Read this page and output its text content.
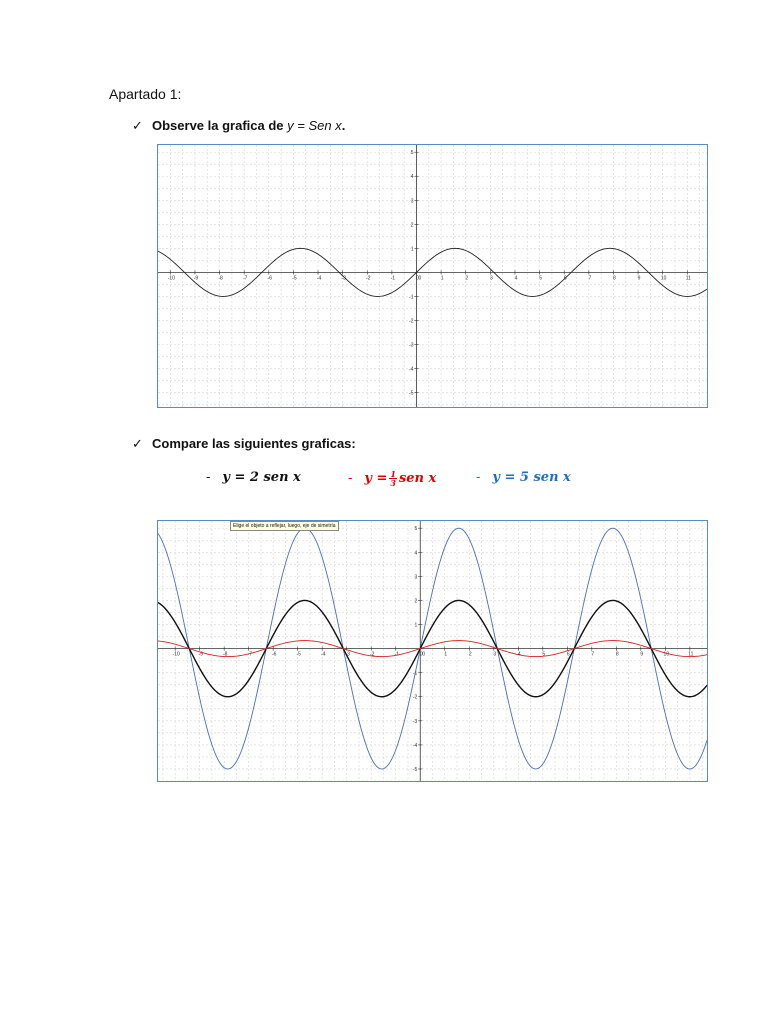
Apartado 1:
✓ Observe la grafica de y = Sen x.
-10	-9	-8	-7	-6	-5	-4	-3	-2	-1	0	1	2	3	4	5	6	7	8	9	10	11
-5
-4
-3
-2
-1
1
2
3
4
5
0
✓ Compare las siguientes graficas:
- y = 2 sen x	- $y = \frac{1}{3}$ sen x	- y = 5 sen x
-10	-9	-8	-7	-6	-5	-4	-3	-2	-1	0	1	2	3	4	5	6	7	8	9	10	11
-5
-4
-3
-2
-1
1
2
3
4
5
0
Elige el objeto a reflejar, luego, eje de simetría
